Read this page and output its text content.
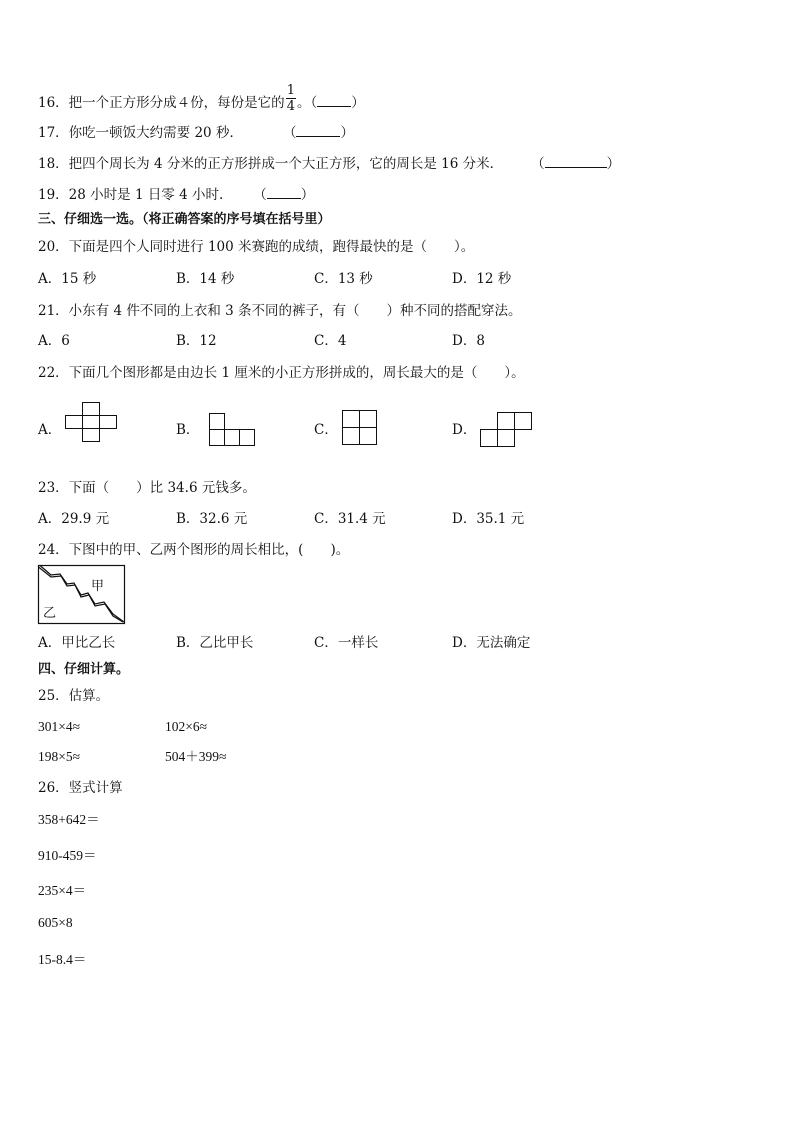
16．把一个正方形分成４份，每份是它的 $\frac{1}{4}$ 。（	）
17．你吃一顿饭大约需要 20 秒．	（	）
18．把四个周长为 4 分米的正方形拼成一个大正方形，它的周长是 16 分米． （	）
19．28 小时是 1 日零 4 小时. （	）
三、仔细选一选。（将正确答案的序号填在括号里）
20．下面是四个人同时进行 100 米赛跑的成绩，跑得最快的是（　　）。
A．15 秒	B．14 秒	C．13 秒	D．12 秒
21．小东有 4 件不同的上衣和 3 条不同的裤子，有（　　）种不同的搭配穿法。
A．6	B．12	C．4	D．8
22．下面几个图形都是由边长 1 厘米的小正方形拼成的，周长最大的是（　　）。
A．	B．	C．	D．
23．下面（　　）比 34.6 元钱多。
A．29.9 元	B．32.6 元	C．31.4 元	D．35.1 元
24．下图中的甲、乙两个图形的周长相比，(　　)。
甲
乙
A．甲比乙长	B．乙比甲长	C．一样长	D．无法确定
四、仔细计算。
25．估算。
301×4≈	102×6≈
198×5≈	504＋399≈
26．竖式计算
358+642＝
910-459＝
235×4＝
605×8
15-8.4＝
